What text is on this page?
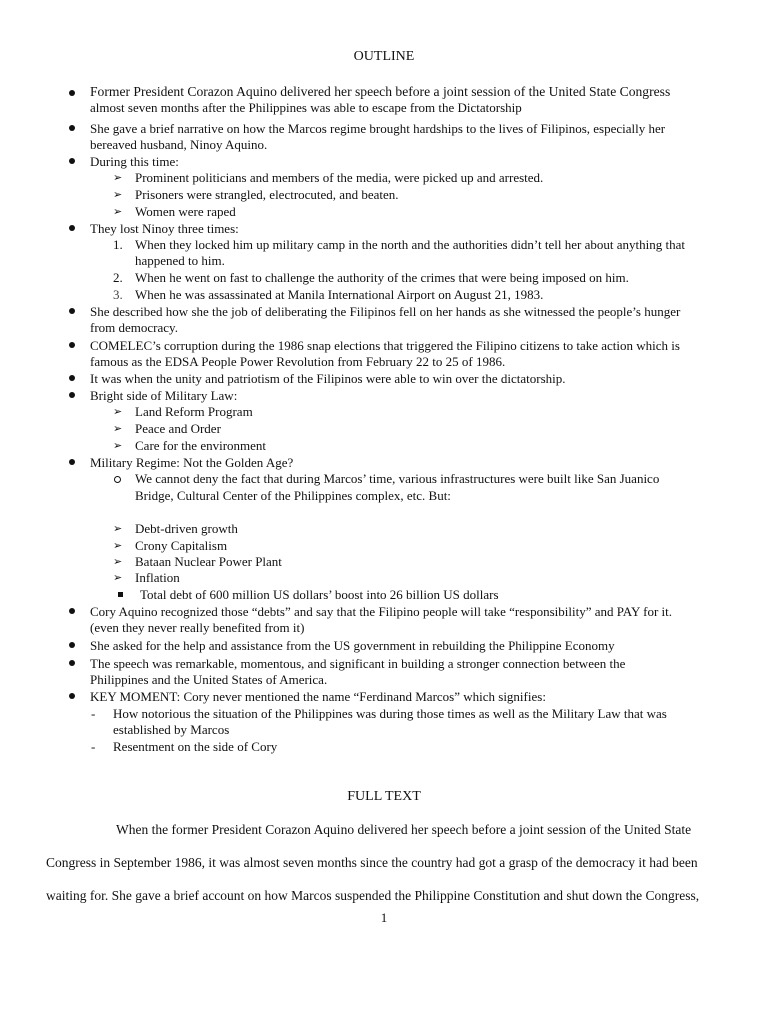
OUTLINE
Former President Corazon Aquino delivered her speech before a joint session of the United State Congress
almost seven months after the Philippines was able to escape from the Dictatorship
She gave a brief narrative on how the Marcos regime brought hardships to the lives of Filipinos, especially her
bereaved husband, Ninoy Aquino.
During this time:
➢ Prominent politicians and members of the media, were picked up and arrested.
➢ Prisoners were strangled, electrocuted, and beaten.
➢ Women were raped
They lost Ninoy three times:
1. When they locked him up military camp in the north and the authorities didn’t tell her about anything that
happened to him.
2. When he went on fast to challenge the authority of the crimes that were being imposed on him.
3. When he was assassinated at Manila International Airport on August 21, 1983.
She described how she the job of deliberating the Filipinos fell on her hands as she witnessed the people’s hunger
from democracy.
COMELEC’s corruption during the 1986 snap elections that triggered the Filipino citizens to take action which is
famous as the EDSA People Power Revolution from February 22 to 25 of 1986.
It was when the unity and patriotism of the Filipinos were able to win over the dictatorship.
Bright side of Military Law:
➢ Land Reform Program
➢ Peace and Order
➢ Care for the environment
Military Regime: Not the Golden Age?
We cannot deny the fact that during Marcos’ time, various infrastructures were built like San Juanico
Bridge, Cultural Center of the Philippines complex, etc. But:
➢ Debt-driven growth
➢ Crony Capitalism
➢ Bataan Nuclear Power Plant
➢ Inflation
Total debt of 600 million US dollars’ boost into 26 billion US dollars
Cory Aquino recognized those “debts” and say that the Filipino people will take “responsibility” and PAY for it.
(even they never really benefited from it)
She asked for the help and assistance from the US government in rebuilding the Philippine Economy
The speech was remarkable, momentous, and significant in building a stronger connection between the
Philippines and the United States of America.
KEY MOMENT: Cory never mentioned the name “Ferdinand Marcos” which signifies:
- How notorious the situation of the Philippines was during those times as well as the Military Law that was
established by Marcos
- Resentment on the side of Cory
FULL TEXT
When the former President Corazon Aquino delivered her speech before a joint session of the United State
Congress in September 1986, it was almost seven months since the country had got a grasp of the democracy it had been
waiting for. She gave a brief account on how Marcos suspended the Philippine Constitution and shut down the Congress,
1
